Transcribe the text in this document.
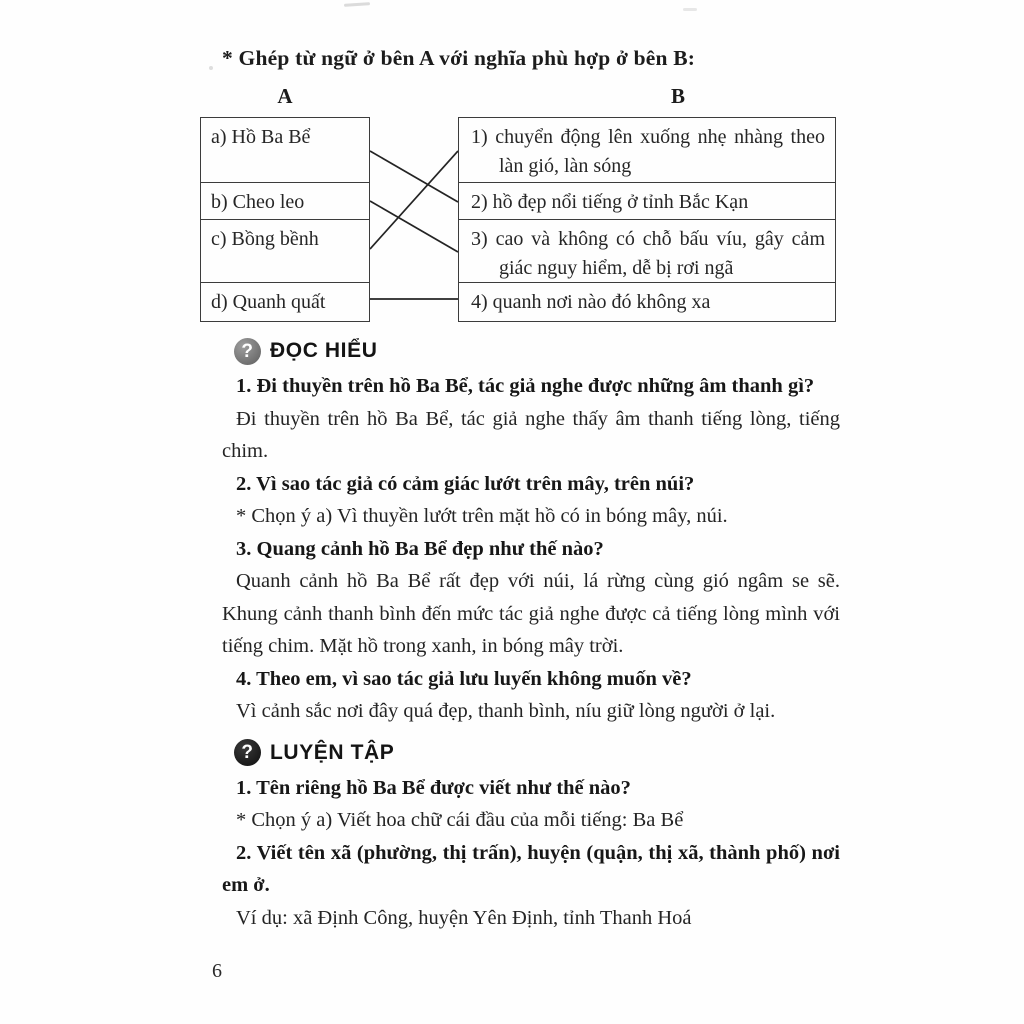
* Ghép từ ngữ ở bên A với nghĩa phù hợp ở bên B:
A	B
a) Hồ Ba Bể
b) Cheo leo
c) Bồng bềnh
d) Quanh quất
1) chuyển động lên xuống nhẹ nhàng theo làn gió, làn sóng
2) hồ đẹp nổi tiếng ở tỉnh Bắc Kạn
3) cao và không có chỗ bấu víu, gây cảm giác nguy hiểm, dễ bị rơi ngã
4) quanh nơi nào đó không xa
? ĐỌC HIỂU

1. Đi thuyền trên hồ Ba Bể, tác giả nghe được những âm thanh gì?

Đi thuyền trên hồ Ba Bể, tác giả nghe thấy âm thanh tiếng lòng, tiếng chim.

2. Vì sao tác giả có cảm giác lướt trên mây, trên núi?

* Chọn ý a) Vì thuyền lướt trên mặt hồ có in bóng mây, núi.

3. Quang cảnh hồ Ba Bể đẹp như thế nào?

Quanh cảnh hồ Ba Bể rất đẹp với núi, lá rừng cùng gió ngâm se sẽ. Khung cảnh thanh bình đến mức tác giả nghe được cả tiếng lòng mình với tiếng chim. Mặt hồ trong xanh, in bóng mây trời.

4. Theo em, vì sao tác giả lưu luyến không muốn về?

Vì cảnh sắc nơi đây quá đẹp, thanh bình, níu giữ lòng người ở lại.

? LUYỆN TẬP

1. Tên riêng hồ Ba Bể được viết như thế nào?

* Chọn ý a) Viết hoa chữ cái đầu của mỗi tiếng: Ba Bể

2. Viết tên xã (phường, thị trấn), huyện (quận, thị xã, thành phố) nơi em ở.

Ví dụ: xã Định Công, huyện Yên Định, tỉnh Thanh Hoá

6
